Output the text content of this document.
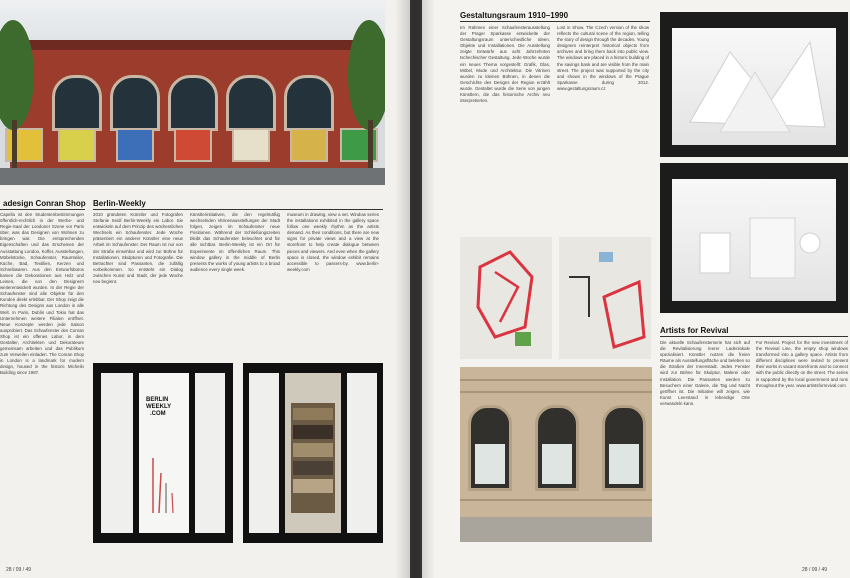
adesign Conran Shop
Capella ist den Studentenbestimmungen öffentlich-rechtlich in der Werbe- und Regie-Saal der Londoner Szene vor Paris über, was das Designen von Wohnen zu bringen war. Die entsprechenden Eigenschaften und das Erscheinen der Ausstattung London, Koffer, Ausstellungen, Möbelstücke, Schaufenster, Raumteiler, Küche, Bad, Textilien, Kerzen und Schreibwaren. Aus den Entwurfsbüros kamen die Dekorationen aus Holz und Leinen, die von den Designern weiterentwickelt wurden. In der Regie der Schaufenster sind alle Objekte für den Kunden direkt erlebbar. Der Shop zeigt die Richtung des Designs aus London in alle Welt. In Paris, Dublin und Tokio hat das Unternehmen weitere Filialen eröffnet. Neue Konzepte werden jede Saison ausprobiert. Das Schaufenster des Conran Shop ist ein offenes Labor, in dem Gestalter, Architekten und Dekorateure gemeinsam arbeiten und das Publikum zum Verweilen einladen. The Conran Shop in London is a landmark for modern design, housed in the historic Michelin Building since 1987.
Berlin-Weekly
2010 gründeten Künstler und Fotografen Stefanie Seidl Berlin-Weekly ein Labor. Sie entwickeln auf dem Prinzip des wöchentlichen Wechsels ein Schaufenster. Jede Woche präsentiert ein anderer Künstler eine neue Arbeit im Schaufenster. Der Raum ist nur von der Straße einsehbar und wird zur Bühne für Installationen, Skulpturen und Fotografie. Die Betrachter sind Passanten, die zufällig vorbeikommen. So entsteht ein Dialog zwischen Kunst und Stadt, der jede Woche neu beginnt.
Künstlerinitiativen, die den regelmäßig wechselnden Vitrinenausstellungen der Stadt folgen, zeigen im Schaufenster neue Positionen. Während der Schließungszeiten bleibt das Schaufenster beleuchtet und für alle sichtbar. Berlin-Weekly ist ein Ort für Experimente im öffentlichen Raum. This window gallery in the middle of Berlin presents the works of young artists to a broad audience every single week.
museum in drawing, view a set. Window series the installations exhibited in the gallery space follow one weekly rhythm as the artists demand. As their conditions, but there are new signs for private views and a view at the storefront to help create dialogue between pieces and viewers. And even when the gallery space is closed, the window exhibit remains accessible to passers-by. www.berlin-weekly.com
BERLIN
WEEKLY
.COM
28 / 09 / 49
Gestaltungsraum 1910–1990
Im Rahmen einer Schaufensterausstellung der Prager Sparkasse entwickelte der Gestaltungsraum unterschiedliche Ideen, Objekte und Installationen. Die Ausstellung zeigte Entwürfe aus acht Jahrzehnten tschechischer Gestaltung. Jede Woche wurde ein neues Thema vorgestellt: Grafik, Glas, Möbel, Mode und Architektur. Die Vitrinen wurden zu kleinen Bühnen, in denen die Geschichte des Designs der Region erzählt wurde. Gestaltet wurde die Serie von jungen Künstlern, die das historische Archiv neu interpretierten.
Lost in Show. The Czech version of the show reflects the cultural scene of the region, telling the story of design through the decades. Young designers reinterpret historical objects from archives and bring them back into public view. The windows are placed in a historic building of the savings bank and are visible from the main street. The project was supported by the city and shown in the windows of the Prague Sparkasse during 2012. www.gestaltungsraum.cz
Artists for Revival
Die aktuelle Schaufensterserie hat sich auf die Revitalisierung leerer Ladenlokale spezialisiert. Künstler nutzen die freien Räume als Ausstellungsfläche und beleben so die Straßen der Innenstadt. Jedes Fenster wird zur Bühne für Skulptur, Malerei oder Installation. Die Passanten werden zu Besuchern einer Galerie, die Tag und Nacht geöffnet ist. Die Initiative will zeigen, wie Kunst Leerstand in lebendige Orte verwandeln kann.
For Revival. Project for the new investment of the Revival Line, the empty shop windows transformed into a gallery space. Artists from different disciplines were invited to present their works in vacant storefronts and to connect with the public directly on the street. The series is supported by the local government and runs throughout the year. www.artistsforrevival.com
28 / 09 / 49
